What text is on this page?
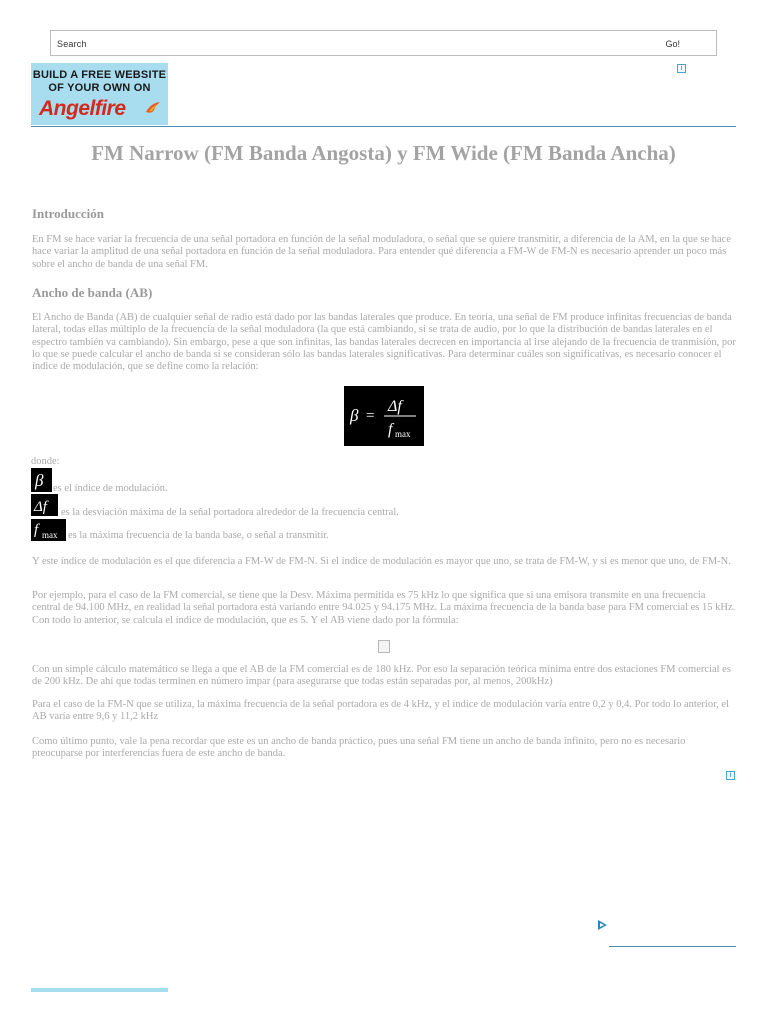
Search	Go!
BUILD A FREE WEBSITE
OF YOUR OWN ON
Angelfire
i
FM Narrow (FM Banda Angosta) y FM Wide (FM Banda Ancha)
Introducción

En FM se hace variar la frecuencia de una señal portadora en función de la señal moduladora, o señal que se quiere transmitir, a diferencia de la AM, en la que se hace hace variar la amplitud de una señal portadora en función de la señal moduladora. Para entender qué diferencia a FM-W de FM-N es necesario aprender un poco más sobre el ancho de banda de una señal FM.

Ancho de banda (AB)

El Ancho de Banda (AB) de cualquier señal de radio está dado por las bandas laterales que produce. En teoría, una señal de FM produce infinitas frecuencias de banda lateral, todas ellas múltiplo de la frecuencia de la señal moduladora (la que está cambiando, si se trata de audio, por lo que la distribución de bandas laterales en el espectro también va cambiando). Sin embargo, pese a que son infinitas, las bandas laterales decrecen en importancia al irse alejando de la frecuencia de tranmisión, por lo que se puede calcular el ancho de banda si se consideran sólo las bandas laterales significativas. Para determinar cuáles son significativas, es necesario conocer el índice de modulación, que se define como la relación:

β =
Δf
f max
donde:
β es el índice de modulación.
Δf es la desviación máxima de la señal portadora alrededor de la frecuencia central.
f max es la máxima frecuencia de la banda base, o señal a transmitir.

Y este índice de modulación es el que diferencia a FM-W de FM-N. Si el índice de modulación es mayor que uno, se trata de FM-W, y si es menor que uno, de FM-N.

Por ejemplo, para el caso de la FM comercial, se tiene que la Desv. Máxima permitida es 75 kHz lo que significa que si una emisora transmite en una frecuencia central de 94.100 MHz, en realidad la señal portadora está variando entre 94.025 y 94.175 MHz. La máxima frecuencia de la banda base para FM comercial es 15 kHz. Con todo lo anterior, se calcula el índice de modulación, que es 5. Y el AB viene dado por la fórmula:

Con un simple cálculo matemático se llega a que el AB de la FM comercial es de 180 kHz. Por eso la separación teórica mínima entre dos estaciones FM comercial es de 200 kHz. De ahí que todas terminen en número impar (para asegurarse que todas están separadas por, al menos, 200kHz)

Para el caso de la FM-N que se utiliza, la máxima frecuencia de la señal portadora es de 4 kHz, y el índice de modulación varía entre 0,2 y 0,4. Por todo lo anterior, el AB varía entre 9,6 y 11,2 kHz

Como último punto, vale la pena recordar que este es un ancho de banda práctico, pues una señal FM tiene un ancho de banda infinito, pero no es necesario preocuparse por interferencias fuera de este ancho de banda.

i
